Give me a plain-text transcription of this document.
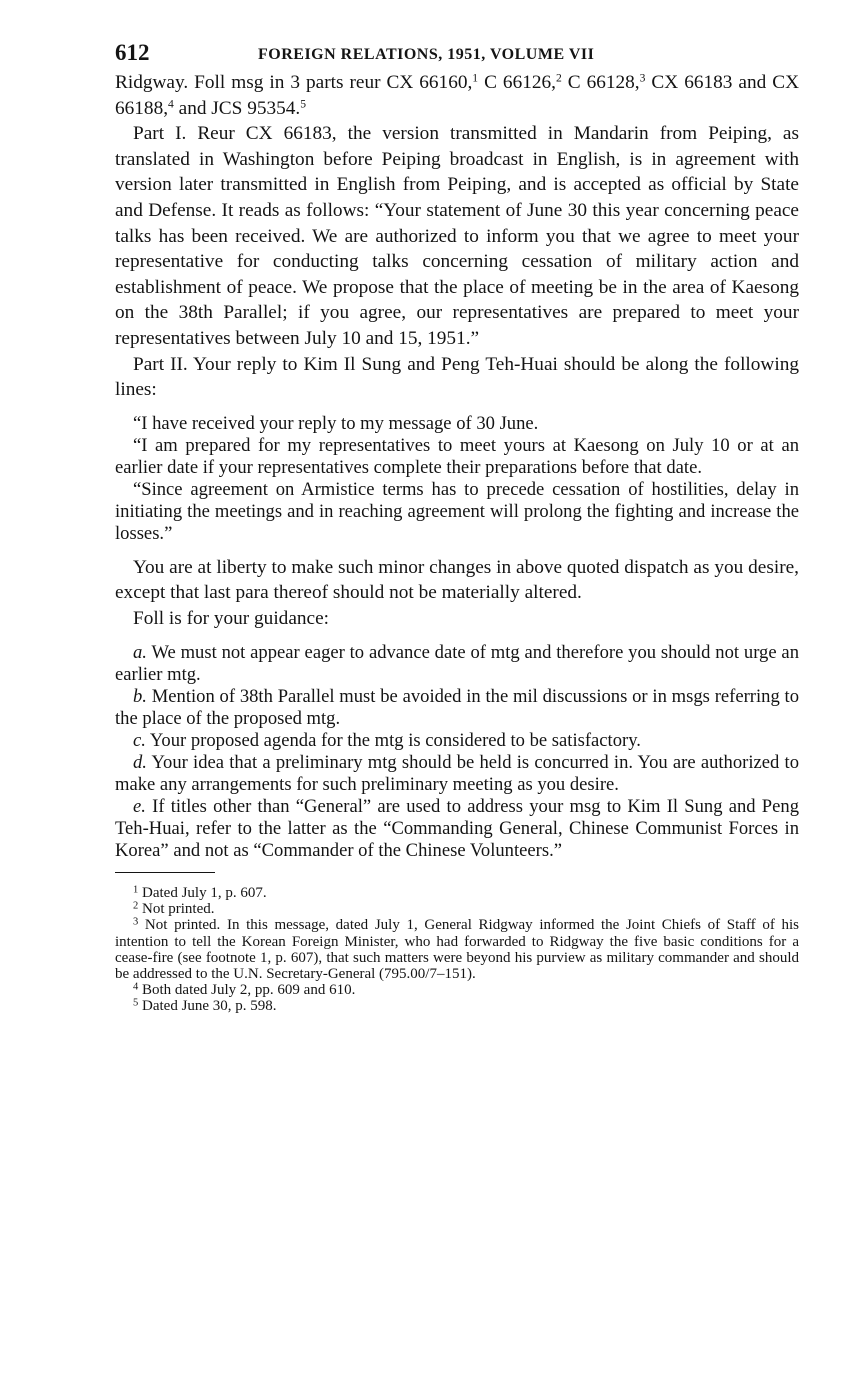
612	FOREIGN RELATIONS, 1951, VOLUME VII

Ridgway. Foll msg in 3 parts reur CX 66160,$^1$ C 66126,$^2$ C 66128,$^3$ CX 66183 and CX 66188,$^4$ and JCS 95354.$^5$

Part I. Reur CX 66183, the version transmitted in Mandarin from Peiping, as translated in Washington before Peiping broadcast in English, is in agreement with version later transmitted in English from Peiping, and is accepted as official by State and Defense. It reads as follows: “Your statement of June 30 this year concerning peace talks has been received. We are authorized to inform you that we agree to meet your representative for conducting talks concerning cessation of military action and establishment of peace. We propose that the place of meeting be in the area of Kaesong on the 38th Parallel; if you agree, our representatives are prepared to meet your representatives between July 10 and 15, 1951.”

Part II. Your reply to Kim Il Sung and Peng Teh-Huai should be along the following lines:

“I have received your reply to my message of 30 June.

“I am prepared for my representatives to meet yours at Kaesong on July 10 or at an earlier date if your representatives complete their preparations before that date.

“Since agreement on Armistice terms has to precede cessation of hostilities, delay in initiating the meetings and in reaching agreement will prolong the fighting and increase the losses.”

You are at liberty to make such minor changes in above quoted dispatch as you desire, except that last para thereof should not be materially altered.

Foll is for your guidance:

a. We must not appear eager to advance date of mtg and therefore you should not urge an earlier mtg.

b. Mention of 38th Parallel must be avoided in the mil discussions or in msgs referring to the place of the proposed mtg.

c. Your proposed agenda for the mtg is considered to be satisfactory.

d. Your idea that a preliminary mtg should be held is concurred in. You are authorized to make any arrangements for such preliminary meeting as you desire.

e. If titles other than “General” are used to address your msg to Kim Il Sung and Peng Teh-Huai, refer to the latter as the “Commanding General, Chinese Communist Forces in Korea” and not as “Commander of the Chinese Volunteers.”

$^1$ Dated July 1, p. 607.

$^2$ Not printed.

$^3$ Not printed. In this message, dated July 1, General Ridgway informed the Joint Chiefs of Staff of his intention to tell the Korean Foreign Minister, who had forwarded to Ridgway the five basic conditions for a cease-fire (see footnote 1, p. 607), that such matters were beyond his purview as military commander and should be addressed to the U.N. Secretary-General (795.00/7–151).

$^4$ Both dated July 2, pp. 609 and 610.

$^5$ Dated June 30, p. 598.
